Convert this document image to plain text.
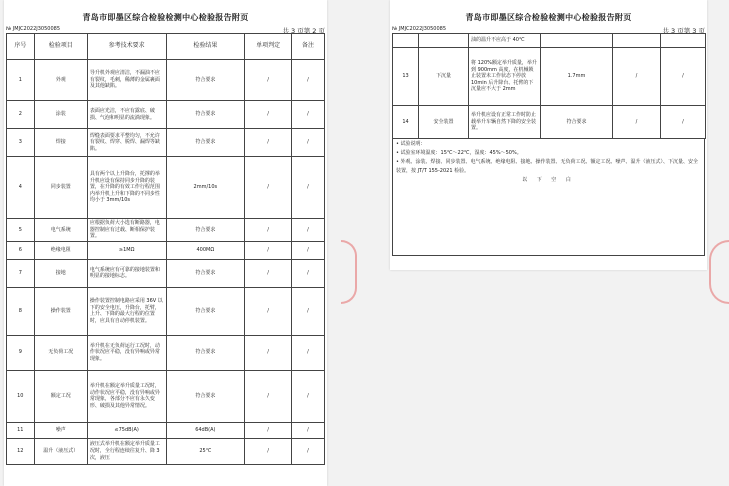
青岛市即墨区综合检验检测中心检验报告附页
№ JMJC2022J3050085	共 3 页第 2 页
序号	检验项目	参考技术要求	检验结果	单项判定	备注
1	外观	导升机外观应清洁，不漏油不应有裂纹，毛刺，稀薄的金属裹面及其他缺陷。	符合要求	/	/
2	涂装	表面应光洁，不应有露底、破损、气泡和明显的流淌现象。	符合要求	/	/
3	焊接	焊缝表面要求平整均匀，不允许有裂纹、焊穿、脱焊、漏焊等缺陷。	符合要求	/	/
4	同步装置	具有两个以上升降台，托撑的举升机应设有保持同步升降的装置，在升降的有效工作行程范围内举升机上升和下降的不同步性均小于 3mm/10s	2mm/10s	/	/
5	电气系统	应根据负荷大小选有断路器，电器控制应有过载、断相保护装置。	符合要求	/	/
6	绝缘电阻	≥1MΩ	400MΩ	/	/
7	接地	电气系统应有可靠的接地装置和明显的接地标志。	符合要求	/	/
8	操作装置	操作装置控制电路应采用 36V 以下的安全电压，升降台，托臂，上升、下降的最大行程的位置时，应具有自动停机装置。	符合要求	/	/
9	无负荷工况	举升机在无负荷运行工况时，动作状况应平稳，没有异响或异常现象。	符合要求	/	/
10	额定工况	举升机在额定举升质量工况时，动作状况应平稳，没有异响或异常现象，各部分不应有永久变形、破损及其他异常情况。	符合要求	/	/
11	噪声	≤75dB(A)	64dB(A)	/	/
12	温升（液压式）	液压式举升机在额定举升质量工况时，全行程连续往复升、降 3 次，液压	25℃	/	/
青岛市即墨区综合检验检测中心检验报告附页
№ JMJC2022J3050085	共 3 页第 3 页
		油的温升不应高于 40℃			
13	下沉量	将 120%额定举升质量，举升到 900mm 高度，在机械锁止装置未工作状态下停放 10min 后升降台、托臂的下沉量应不大于 2mm	1.7mm	/	/
14	安全装置	举升机应设有正常工作时防止载举升车辆自然下降的安全装置。	符合要求	/	/
• 试验说明：
• 试验室环境温度：15℃～22℃，湿度：45%～50%。
• 外观、涂装、焊接、同步装置、电气系统、绝缘电阻、接地、操作装置、无负荷工况、额定工况、噪声、温升（液压式）、下沉量、安全装置，按 JT/T 155-2021 检验。
以 下 空 白
